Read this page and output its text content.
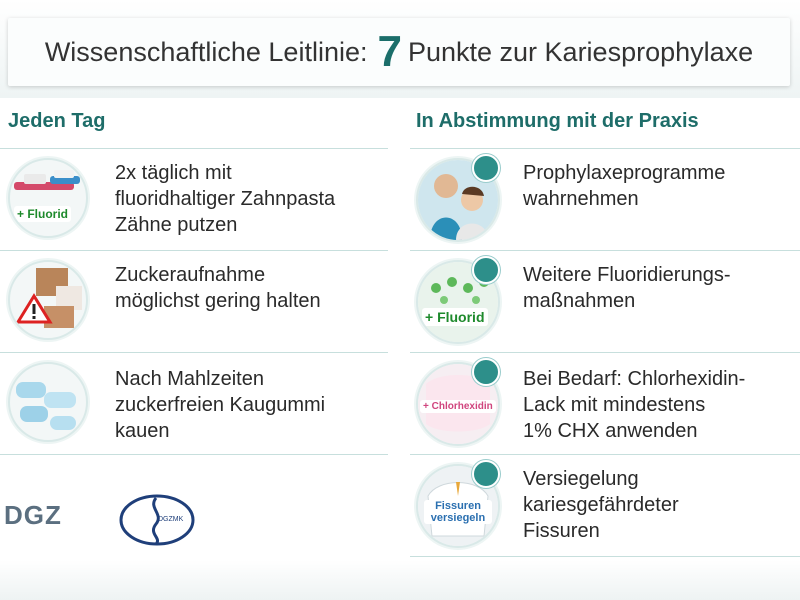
Wissenschaftliche Leitlinie: 7 Punkte zur Kariesprophylaxe
Jeden Tag
+ Fluorid
2x täglich mit
fluoridhaltiger Zahnpasta
Zähne putzen
Zuckeraufnahme
möglichst gering halten
Nach Mahlzeiten
zuckerfreien Kaugummi
kauen
DGZ	DGZMK
In Abstimmung mit der Praxis
Prophylaxeprogramme
wahrnehmen
+ Fluorid
Weitere Fluoridierungs-
maßnahmen
+ Chlorhexidin
Bei Bedarf: Chlorhexidin-
Lack mit mindestens
1% CHX anwenden
Fissuren versiegeln
Versiegelung
kariesgefährdeter
Fissuren
